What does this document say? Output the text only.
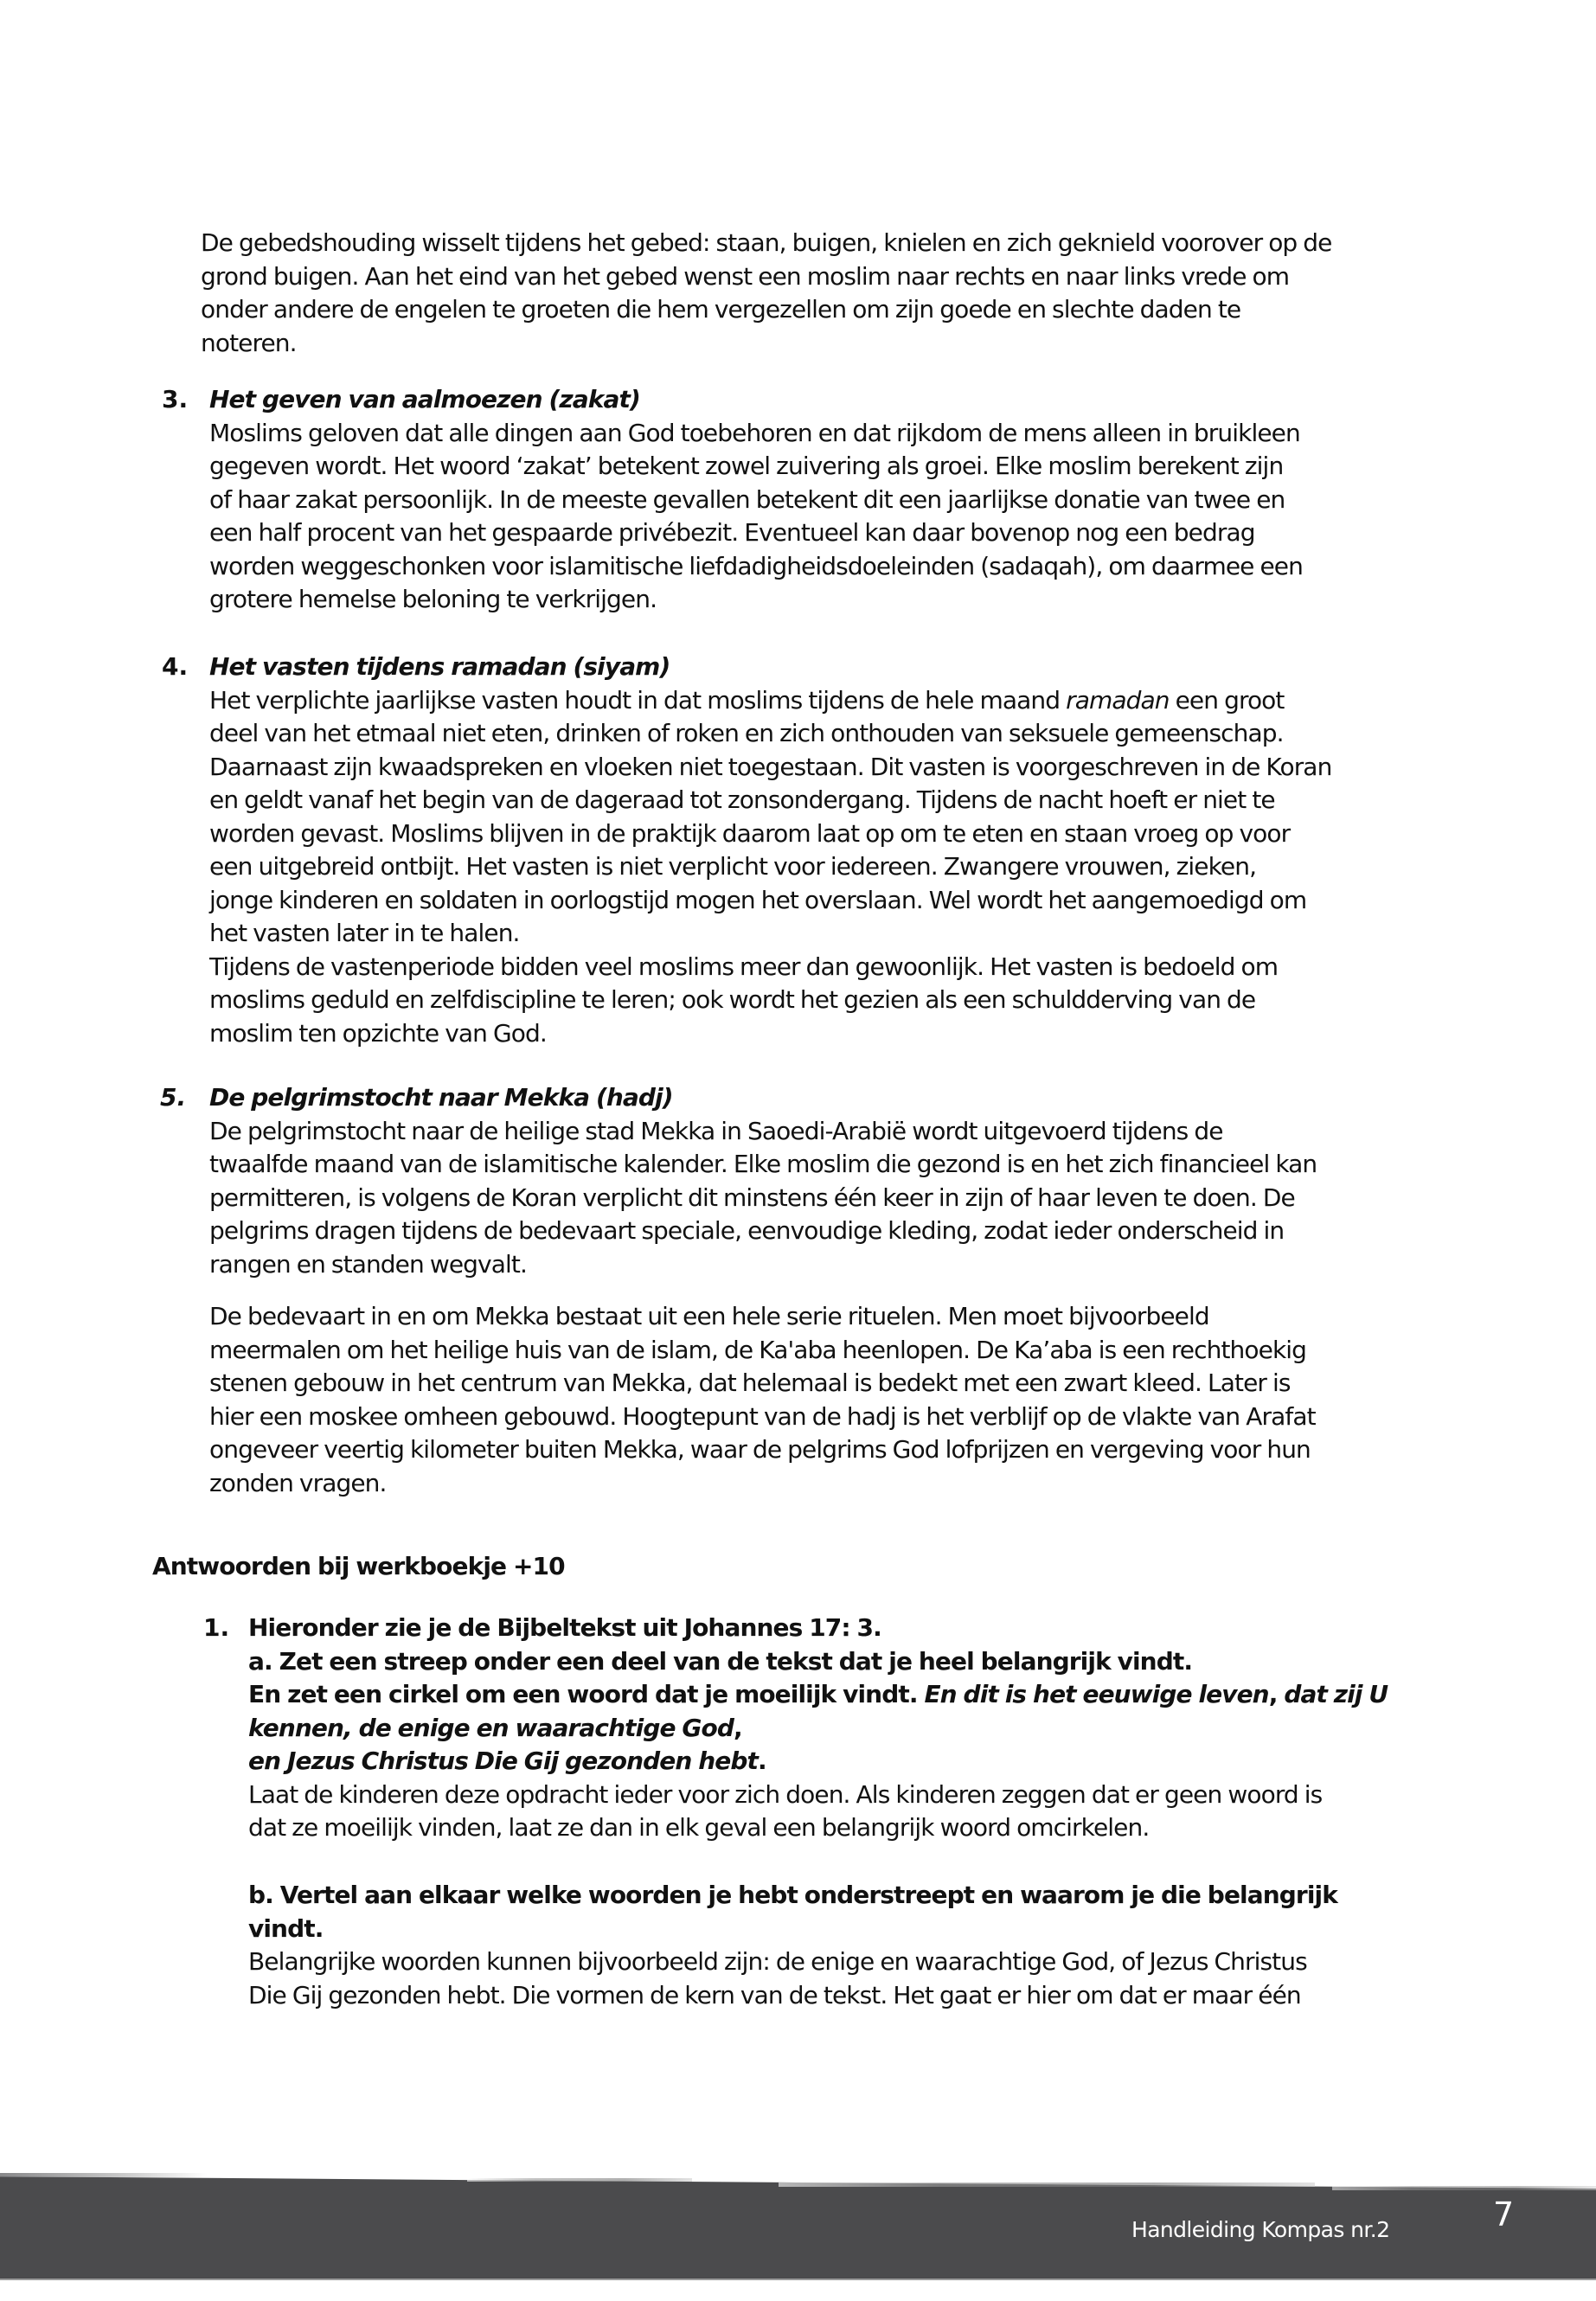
De gebedshouding wisselt tijdens het gebed: staan, buigen, knielen en zich geknield voorover op de
grond buigen. Aan het eind van het gebed wenst een moslim naar rechts en naar links vrede om
onder andere de engelen te groeten die hem vergezellen om zijn goede en slechte daden te
noteren.
3. Het geven van aalmoezen (zakat)
Moslims geloven dat alle dingen aan God toebehoren en dat rijkdom de mens alleen in bruikleen
gegeven wordt. Het woord ‘zakat’ betekent zowel zuivering als groei. Elke moslim berekent zijn
of haar zakat persoonlijk. In de meeste gevallen betekent dit een jaarlijkse donatie van twee en
een half procent van het gespaarde privébezit. Eventueel kan daar bovenop nog een bedrag
worden weggeschonken voor islamitische liefdadigheidsdoeleinden (sadaqah), om daarmee een
grotere hemelse beloning te verkrijgen.
4. Het vasten tijdens ramadan (siyam)
Het verplichte jaarlijkse vasten houdt in dat moslims tijdens de hele maand ramadan een groot
deel van het etmaal niet eten, drinken of roken en zich onthouden van seksuele gemeenschap.
Daarnaast zijn kwaadspreken en vloeken niet toegestaan. Dit vasten is voorgeschreven in de Koran
en geldt vanaf het begin van de dageraad tot zonsondergang. Tijdens de nacht hoeft er niet te
worden gevast. Moslims blijven in de praktijk daarom laat op om te eten en staan vroeg op voor
een uitgebreid ontbijt. Het vasten is niet verplicht voor iedereen. Zwangere vrouwen, zieken,
jonge kinderen en soldaten in oorlogstijd mogen het overslaan. Wel wordt het aangemoedigd om
het vasten later in te halen.
Tijdens de vastenperiode bidden veel moslims meer dan gewoonlijk. Het vasten is bedoeld om
moslims geduld en zelfdiscipline te leren; ook wordt het gezien als een schuldderving van de
moslim ten opzichte van God.
5. De pelgrimstocht naar Mekka (hadj)
De pelgrimstocht naar de heilige stad Mekka in Saoedi-Arabië wordt uitgevoerd tijdens de
twaalfde maand van de islamitische kalender. Elke moslim die gezond is en het zich financieel kan
permitteren, is volgens de Koran verplicht dit minstens één keer in zijn of haar leven te doen. De
pelgrims dragen tijdens de bedevaart speciale, eenvoudige kleding, zodat ieder onderscheid in
rangen en standen wegvalt.
De bedevaart in en om Mekka bestaat uit een hele serie rituelen. Men moet bijvoorbeeld
meermalen om het heilige huis van de islam, de Ka'aba heenlopen. De Ka’aba is een rechthoekig
stenen gebouw in het centrum van Mekka, dat helemaal is bedekt met een zwart kleed. Later is
hier een moskee omheen gebouwd. Hoogtepunt van de hadj is het verblijf op de vlakte van Arafat
ongeveer veertig kilometer buiten Mekka, waar de pelgrims God lofprijzen en vergeving voor hun
zonden vragen.
Antwoorden bij werkboekje +10
1. Hieronder zie je de Bijbeltekst uit Johannes 17: 3.
a. Zet een streep onder een deel van de tekst dat je heel belangrijk vindt.
En zet een cirkel om een woord dat je moeilijk vindt. En dit is het eeuwige leven, dat zij U
kennen, de enige en waarachtige God,
en Jezus Christus Die Gij gezonden hebt.
Laat de kinderen deze opdracht ieder voor zich doen. Als kinderen zeggen dat er geen woord is
dat ze moeilijk vinden, laat ze dan in elk geval een belangrijk woord omcirkelen.
b. Vertel aan elkaar welke woorden je hebt onderstreept en waarom je die belangrijk
vindt.
Belangrijke woorden kunnen bijvoorbeeld zijn: de enige en waarachtige God, of Jezus Christus
Die Gij gezonden hebt. Die vormen de kern van de tekst. Het gaat er hier om dat er maar één
Handleiding Kompas nr.2	7
